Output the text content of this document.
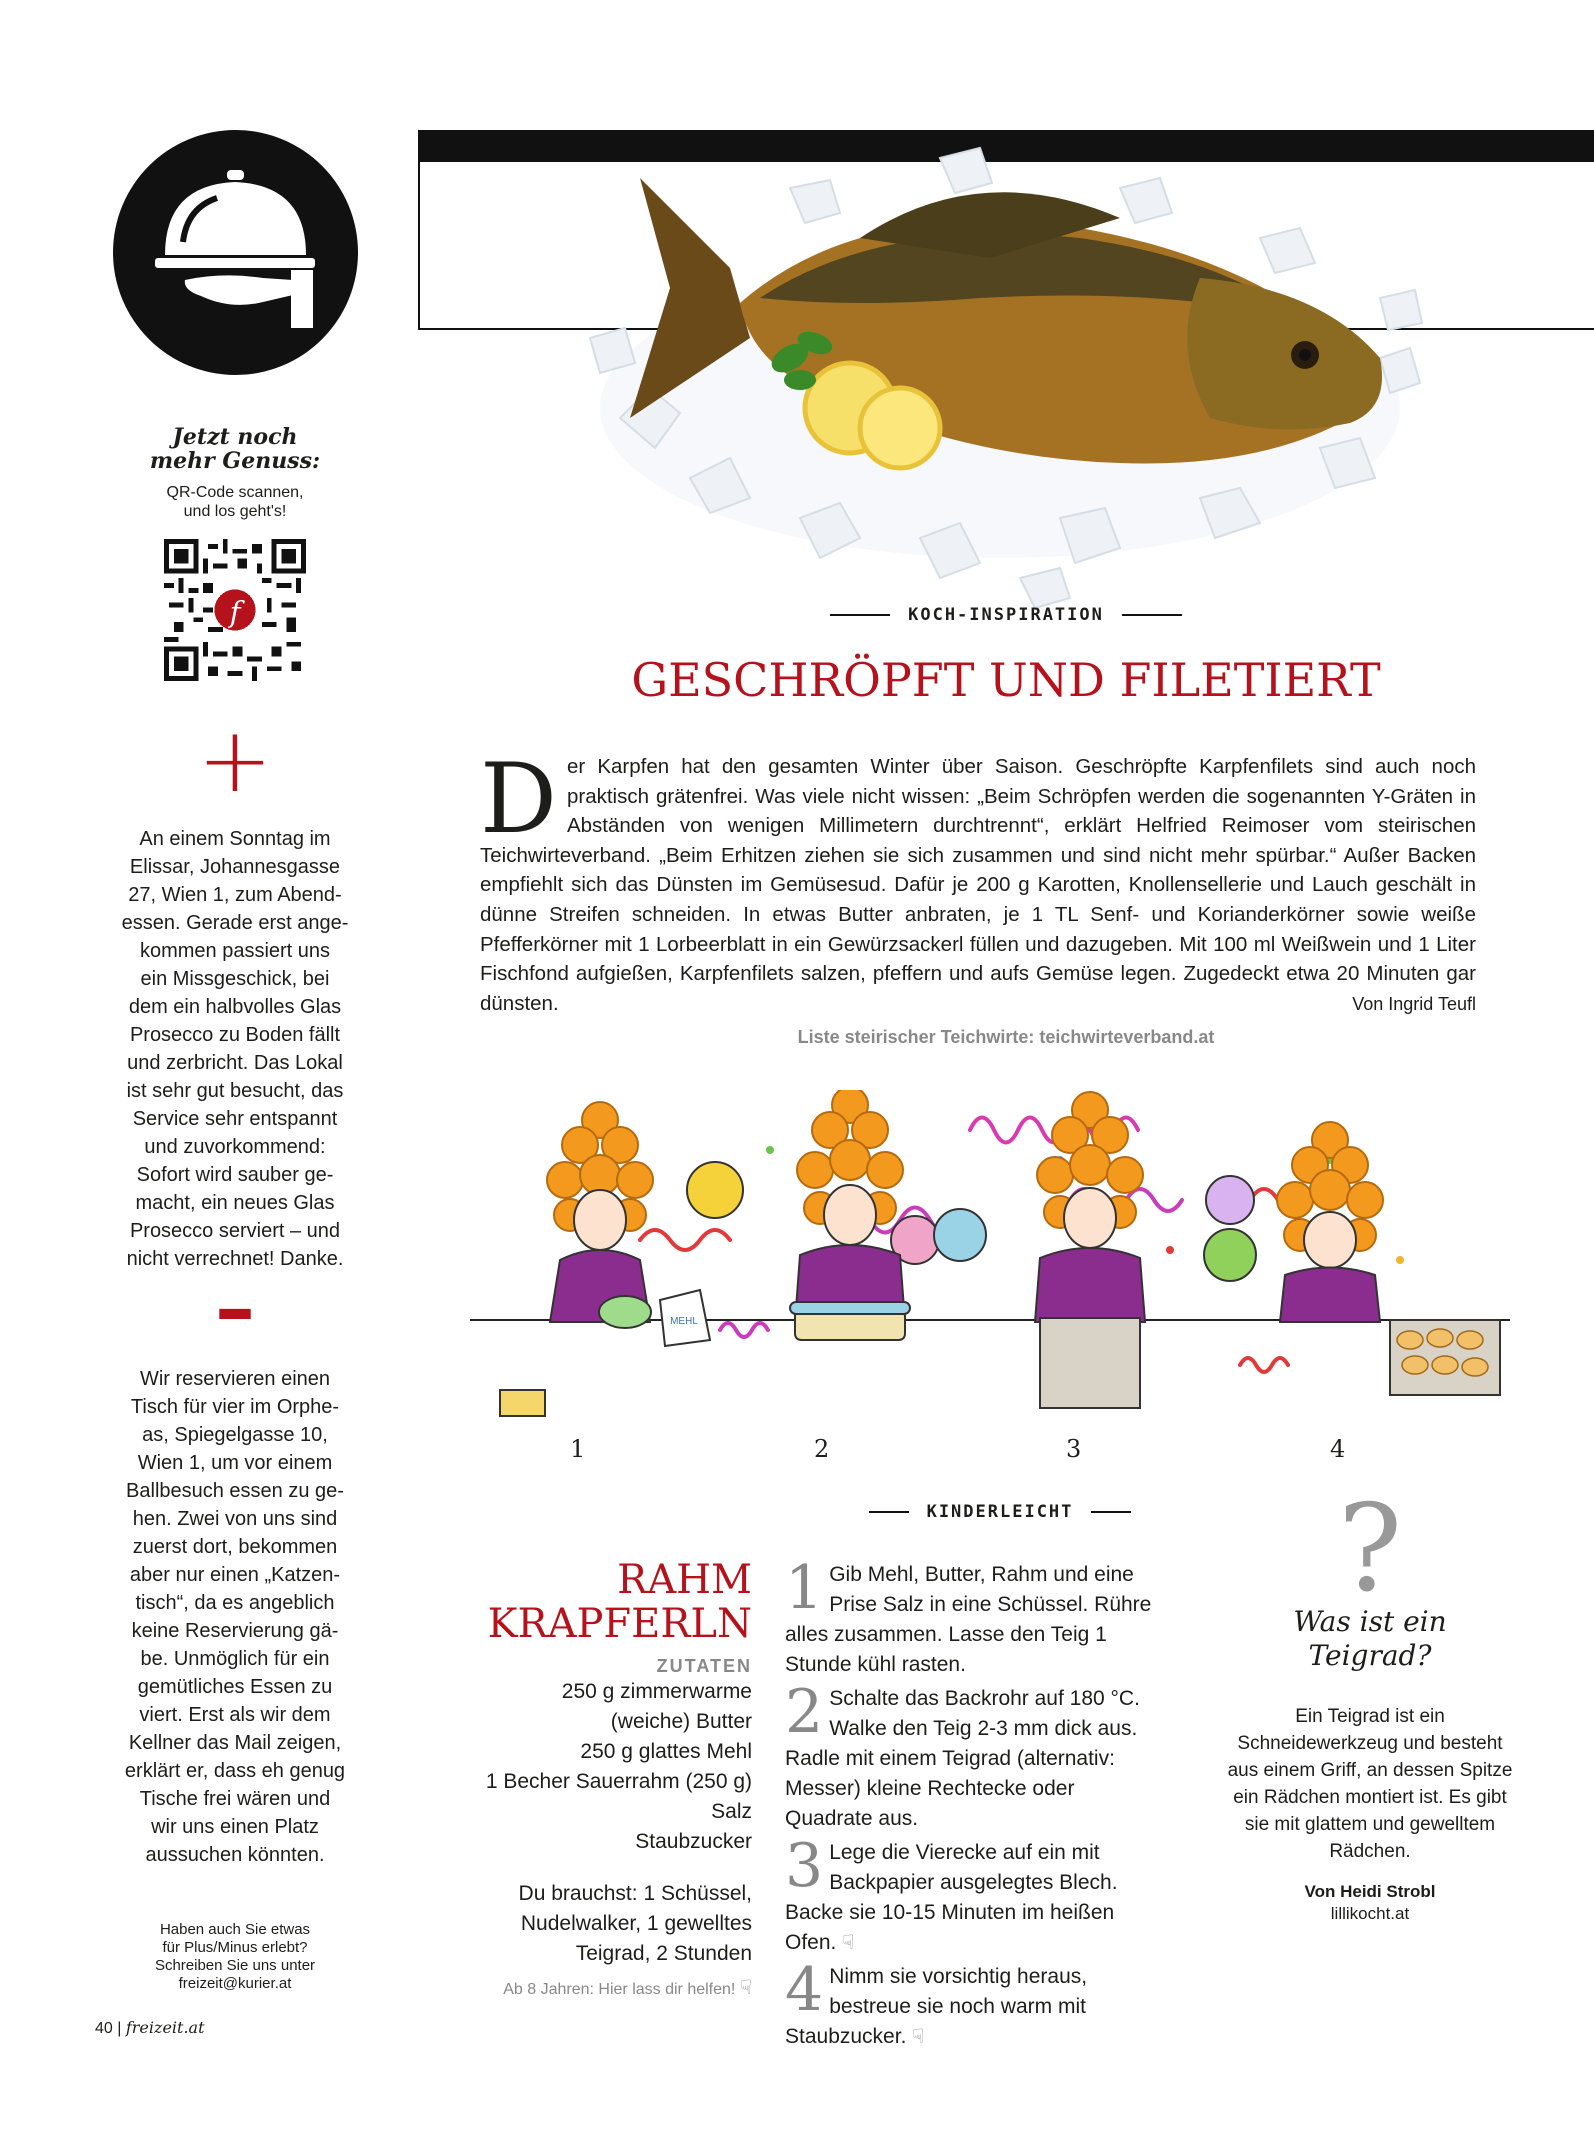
Jetzt noch
mehr Genuss:
QR-Code scannen,
und los geht's!
f
+
An einem Sonntag im
Elissar, Johannesgasse
27, Wien 1, zum Abend-
essen. Gerade erst ange-
kommen passiert uns
ein Missgeschick, bei
dem ein halbvolles Glas
Prosecco zu Boden fällt
und zerbricht. Das Lokal
ist sehr gut besucht, das
Service sehr entspannt
und zuvorkommend:
Sofort wird sauber ge-
macht, ein neues Glas
Prosecco serviert – und
nicht verrechnet! Danke.
–
Wir reservieren einen
Tisch für vier im Orphe-
as, Spiegelgasse 10,
Wien 1, um vor einem
Ballbesuch essen zu ge-
hen. Zwei von uns sind
zuerst dort, bekommen
aber nur einen „Katzen-
tisch“, da es angeblich
keine Reservierung gä-
be. Unmöglich für ein
gemütliches Essen zu
viert. Erst als wir dem
Kellner das Mail zeigen,
erklärt er, dass eh genug
Tische frei wären und
wir uns einen Platz
aussuchen könnten.
Haben auch Sie etwas
für Plus/Minus erlebt?
Schreiben Sie uns unter
freizeit@kurier.at
40 | freizeit.at
KOCH-INSPIRATION
GESCHRÖPFT UND FILETIERT
D er Karpfen hat den gesamten Winter über Saison. Geschröpfte Karpfenfilets sind auch noch praktisch grätenfrei. Was viele nicht wissen: „Beim Schröpfen werden die sogenannten Y-Gräten in Abständen von wenigen Millimetern durchtrennt“, erklärt Helfried Reimoser vom steirischen Teichwirteverband. „Beim Erhitzen ziehen sie sich zusammen und sind nicht mehr spürbar.“ Außer Backen empfiehlt sich das Dünsten im Gemüsesud. Dafür je 200 g Karotten, Knollensellerie und Lauch geschält in dünne Streifen schneiden. In etwas Butter anbraten, je 1 TL Senf- und Korianderkörner sowie weiße Pfefferkörner mit 1 Lorbeerblatt in ein Gewürzsackerl füllen und dazugeben. Mit 100 ml Weißwein und 1 Liter Fischfond aufgießen, Karpfenfilets salzen, pfeffern und aufs Gemüse legen. Zugedeckt etwa 20 Minuten gar dünsten.	Von Ingrid Teufl
Liste steirischer Teichwirte: teichwirteverband.at
MEHL
1	2	3	4
KINDERLEICHT
RAHM
KRAPFERLN
ZUTATEN
250 g zimmerwarme
(weiche) Butter
250 g glattes Mehl
1 Becher Sauerrahm (250 g)
Salz
Staubzucker
Du brauchst: 1 Schüssel,
Nudelwalker, 1 gewelltes
Teigrad, 2 Stunden
Ab 8 Jahren: Hier lass dir helfen! ☟
1 Gib Mehl, Butter, Rahm und eine Prise Salz in eine Schüssel. Rühre alles zusammen. Lasse den Teig 1 Stunde kühl rasten.

2 Schalte das Backrohr auf 180 °C. Walke den Teig 2-3 mm dick aus. Radle mit einem Teigrad (alternativ: Messer) kleine Rechtecke oder Quadrate aus.

3 Lege die Vierecke auf ein mit Backpapier ausgelegtes Blech. Backe sie 10-15 Minuten im heißen Ofen. ☟

4 Nimm sie vorsichtig heraus, bestreue sie noch warm mit Staubzucker. ☟

?
Was ist ein
Teigrad?
Ein Teigrad ist ein Schneidewerkzeug und besteht aus einem Griff, an dessen Spitze ein Rädchen montiert ist. Es gibt sie mit glattem und gewelltem Rädchen.
Von Heidi Strobl
lillikocht.at
